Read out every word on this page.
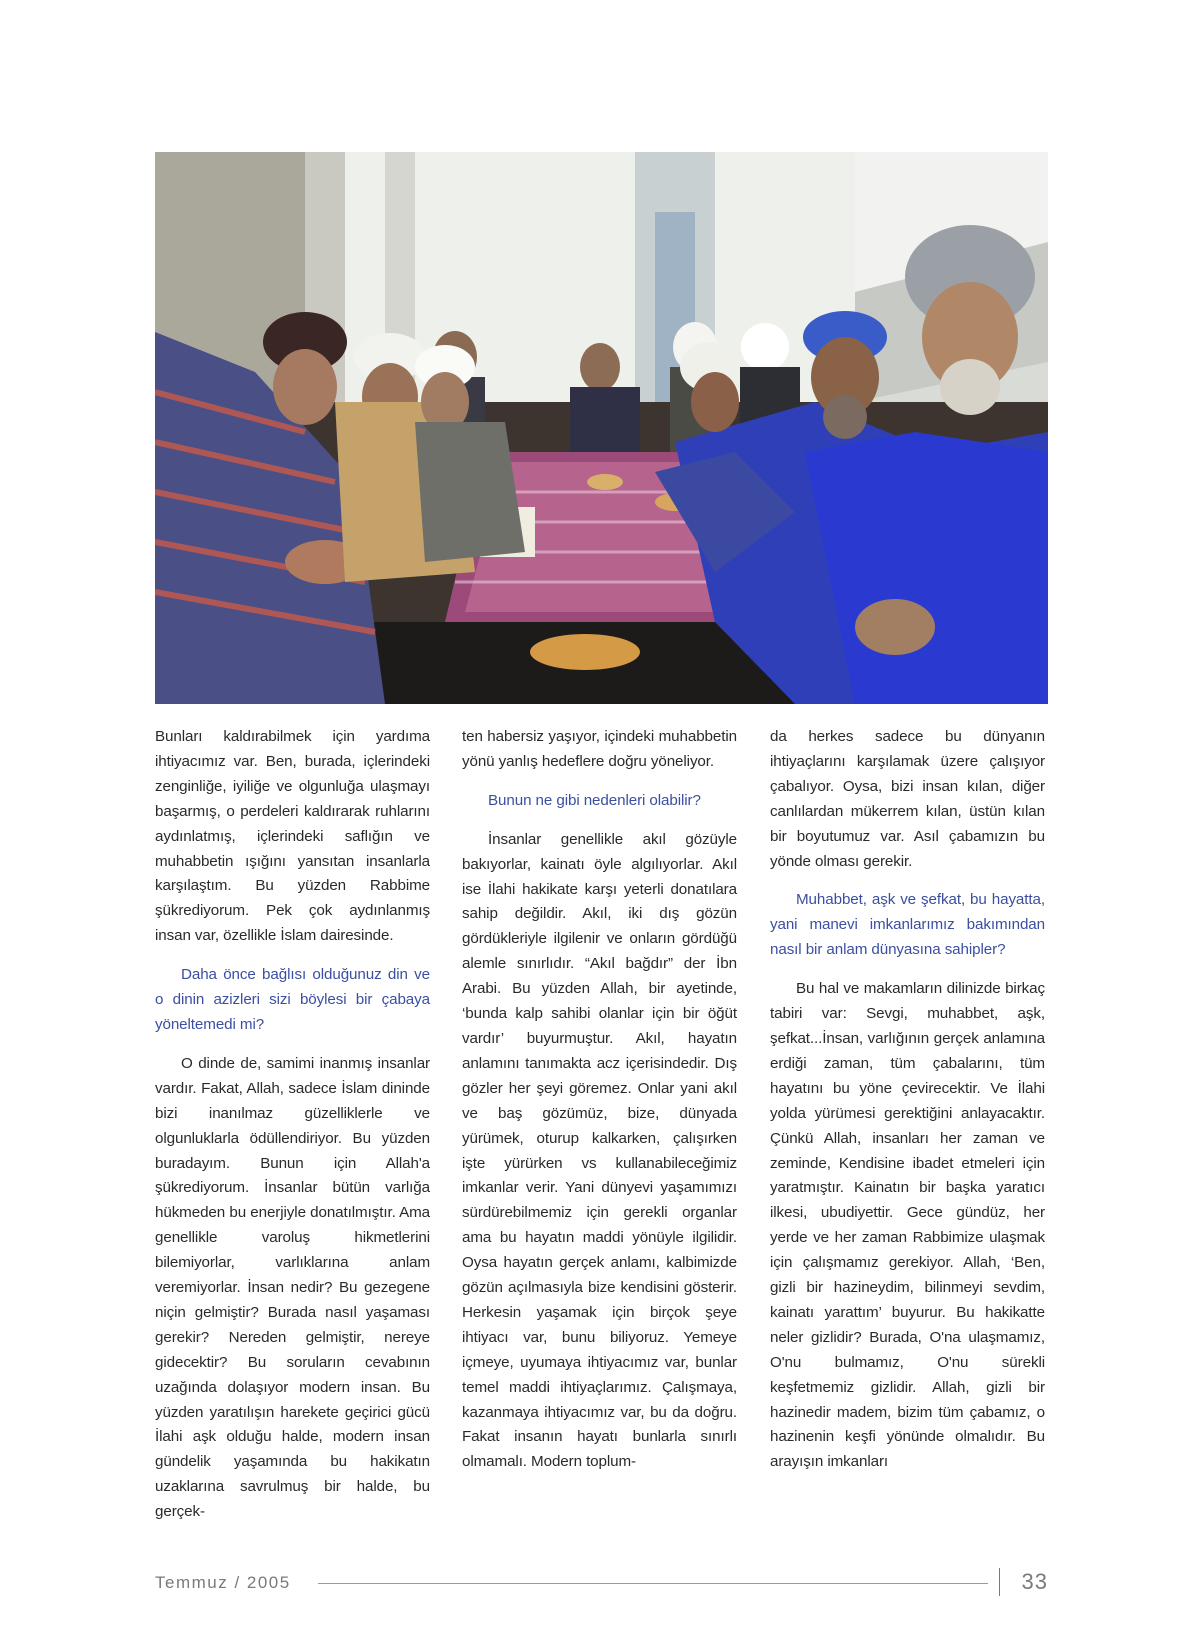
Bunları kaldırabilmek için yardıma ihtiyacımız var. Ben, burada, içlerindeki zenginliğe, iyiliğe ve olgunluğa ulaşmayı başarmış, o perdeleri kaldırarak ruhlarını aydınlatmış, içlerindeki saflığın ve muhabbetin ışığını yansıtan insanlarla karşılaştım. Bu yüzden Rabbime şükrediyorum. Pek çok aydınlanmış insan var, özellikle İslam dairesinde.

Daha önce bağlısı olduğunuz din ve o dinin azizleri sizi böylesi bir çabaya yöneltemedi mi?

O dinde de, samimi inanmış insanlar vardır. Fakat, Allah, sadece İslam dininde bizi inanılmaz güzelliklerle ve olgunluklarla ödüllendiriyor. Bu yüzden buradayım. Bunun için Allah'a şükrediyorum. İnsanlar bütün varlığa hükmeden bu enerjiyle donatılmıştır. Ama genellikle varoluş hikmetlerini bilemiyorlar, varlıklarına anlam veremiyorlar. İnsan nedir? Bu gezegene niçin gelmiştir? Burada nasıl yaşaması gerekir? Nereden gelmiştir, nereye gidecektir? Bu soruların cevabının uzağında dolaşıyor modern insan. Bu yüzden yaratılışın harekete geçirici gücü İlahi aşk olduğu halde, modern insan gündelik yaşamında bu hakikatın uzaklarına savrulmuş bir halde, bu gerçek-

ten habersiz yaşıyor, içindeki muhabbetin yönü yanlış hedeflere doğru yöneliyor.

Bunun ne gibi nedenleri olabilir?

İnsanlar genellikle akıl gözüyle bakıyorlar, kainatı öyle algılıyorlar. Akıl ise İlahi hakikate karşı yeterli donatılara sahip değildir. Akıl, iki dış gözün gördükleriyle ilgilenir ve onların gördüğü alemle sınırlıdır. “Akıl bağdır” der İbn Arabi. Bu yüzden Allah, bir ayetinde, ‘bunda kalp sahibi olanlar için bir öğüt vardır’ buyurmuştur. Akıl, hayatın anlamını tanımakta acz içerisindedir. Dış gözler her şeyi göremez. Onlar yani akıl ve baş gözümüz, bize, dünyada yürümek, oturup kalkarken, çalışırken işte yürürken vs kullanabileceğimiz imkanlar verir. Yani dünyevi yaşamımızı sürdürebilmemiz için gerekli organlar ama bu hayatın maddi yönüyle ilgilidir. Oysa hayatın gerçek anlamı, kalbimizde gözün açılmasıyla bize kendisini gösterir. Herkesin yaşamak için birçok şeye ihtiyacı var, bunu biliyoruz. Yemeye içmeye, uyumaya ihtiyacımız var, bunlar temel maddi ihtiyaçlarımız. Çalışmaya, kazanmaya ihtiyacımız var, bu da doğru. Fakat insanın hayatı bunlarla sınırlı olmamalı. Modern toplum-

da herkes sadece bu dünyanın ihtiyaçlarını karşılamak üzere çalışıyor çabalıyor. Oysa, bizi insan kılan, diğer canlılardan mükerrem kılan, üstün kılan bir boyutumuz var. Asıl çabamızın bu yönde olması gerekir.

Muhabbet, aşk ve şefkat, bu hayatta, yani manevi imkanlarımız bakımından nasıl bir anlam dünyasına sahipler?

Bu hal ve makamların dilinizde birkaç tabiri var: Sevgi, muhabbet, aşk, şefkat...İnsan, varlığının gerçek anlamına erdiği zaman, tüm çabalarını, tüm hayatını bu yöne çevirecektir. Ve İlahi yolda yürümesi gerektiğini anlayacaktır. Çünkü Allah, insanları her zaman ve zeminde, Kendisine ibadet etmeleri için yaratmıştır. Kainatın bir başka yaratıcı ilkesi, ubudiyettir. Gece gündüz, her yerde ve her zaman Rabbimize ulaşmak için çalışmamız gerekiyor. Allah, ‘Ben, gizli bir hazineydim, bilinmeyi sevdim, kainatı yarattım’ buyurur. Bu hakikatte neler gizlidir? Burada, O'na ulaşmamız, O'nu bulmamız, O'nu sürekli keşfetmemiz gizlidir. Allah, gizli bir hazinedir madem, bizim tüm çabamız, o hazinenin keşfi yönünde olmalıdır. Bu arayışın imkanları

Temmuz / 2005	33
